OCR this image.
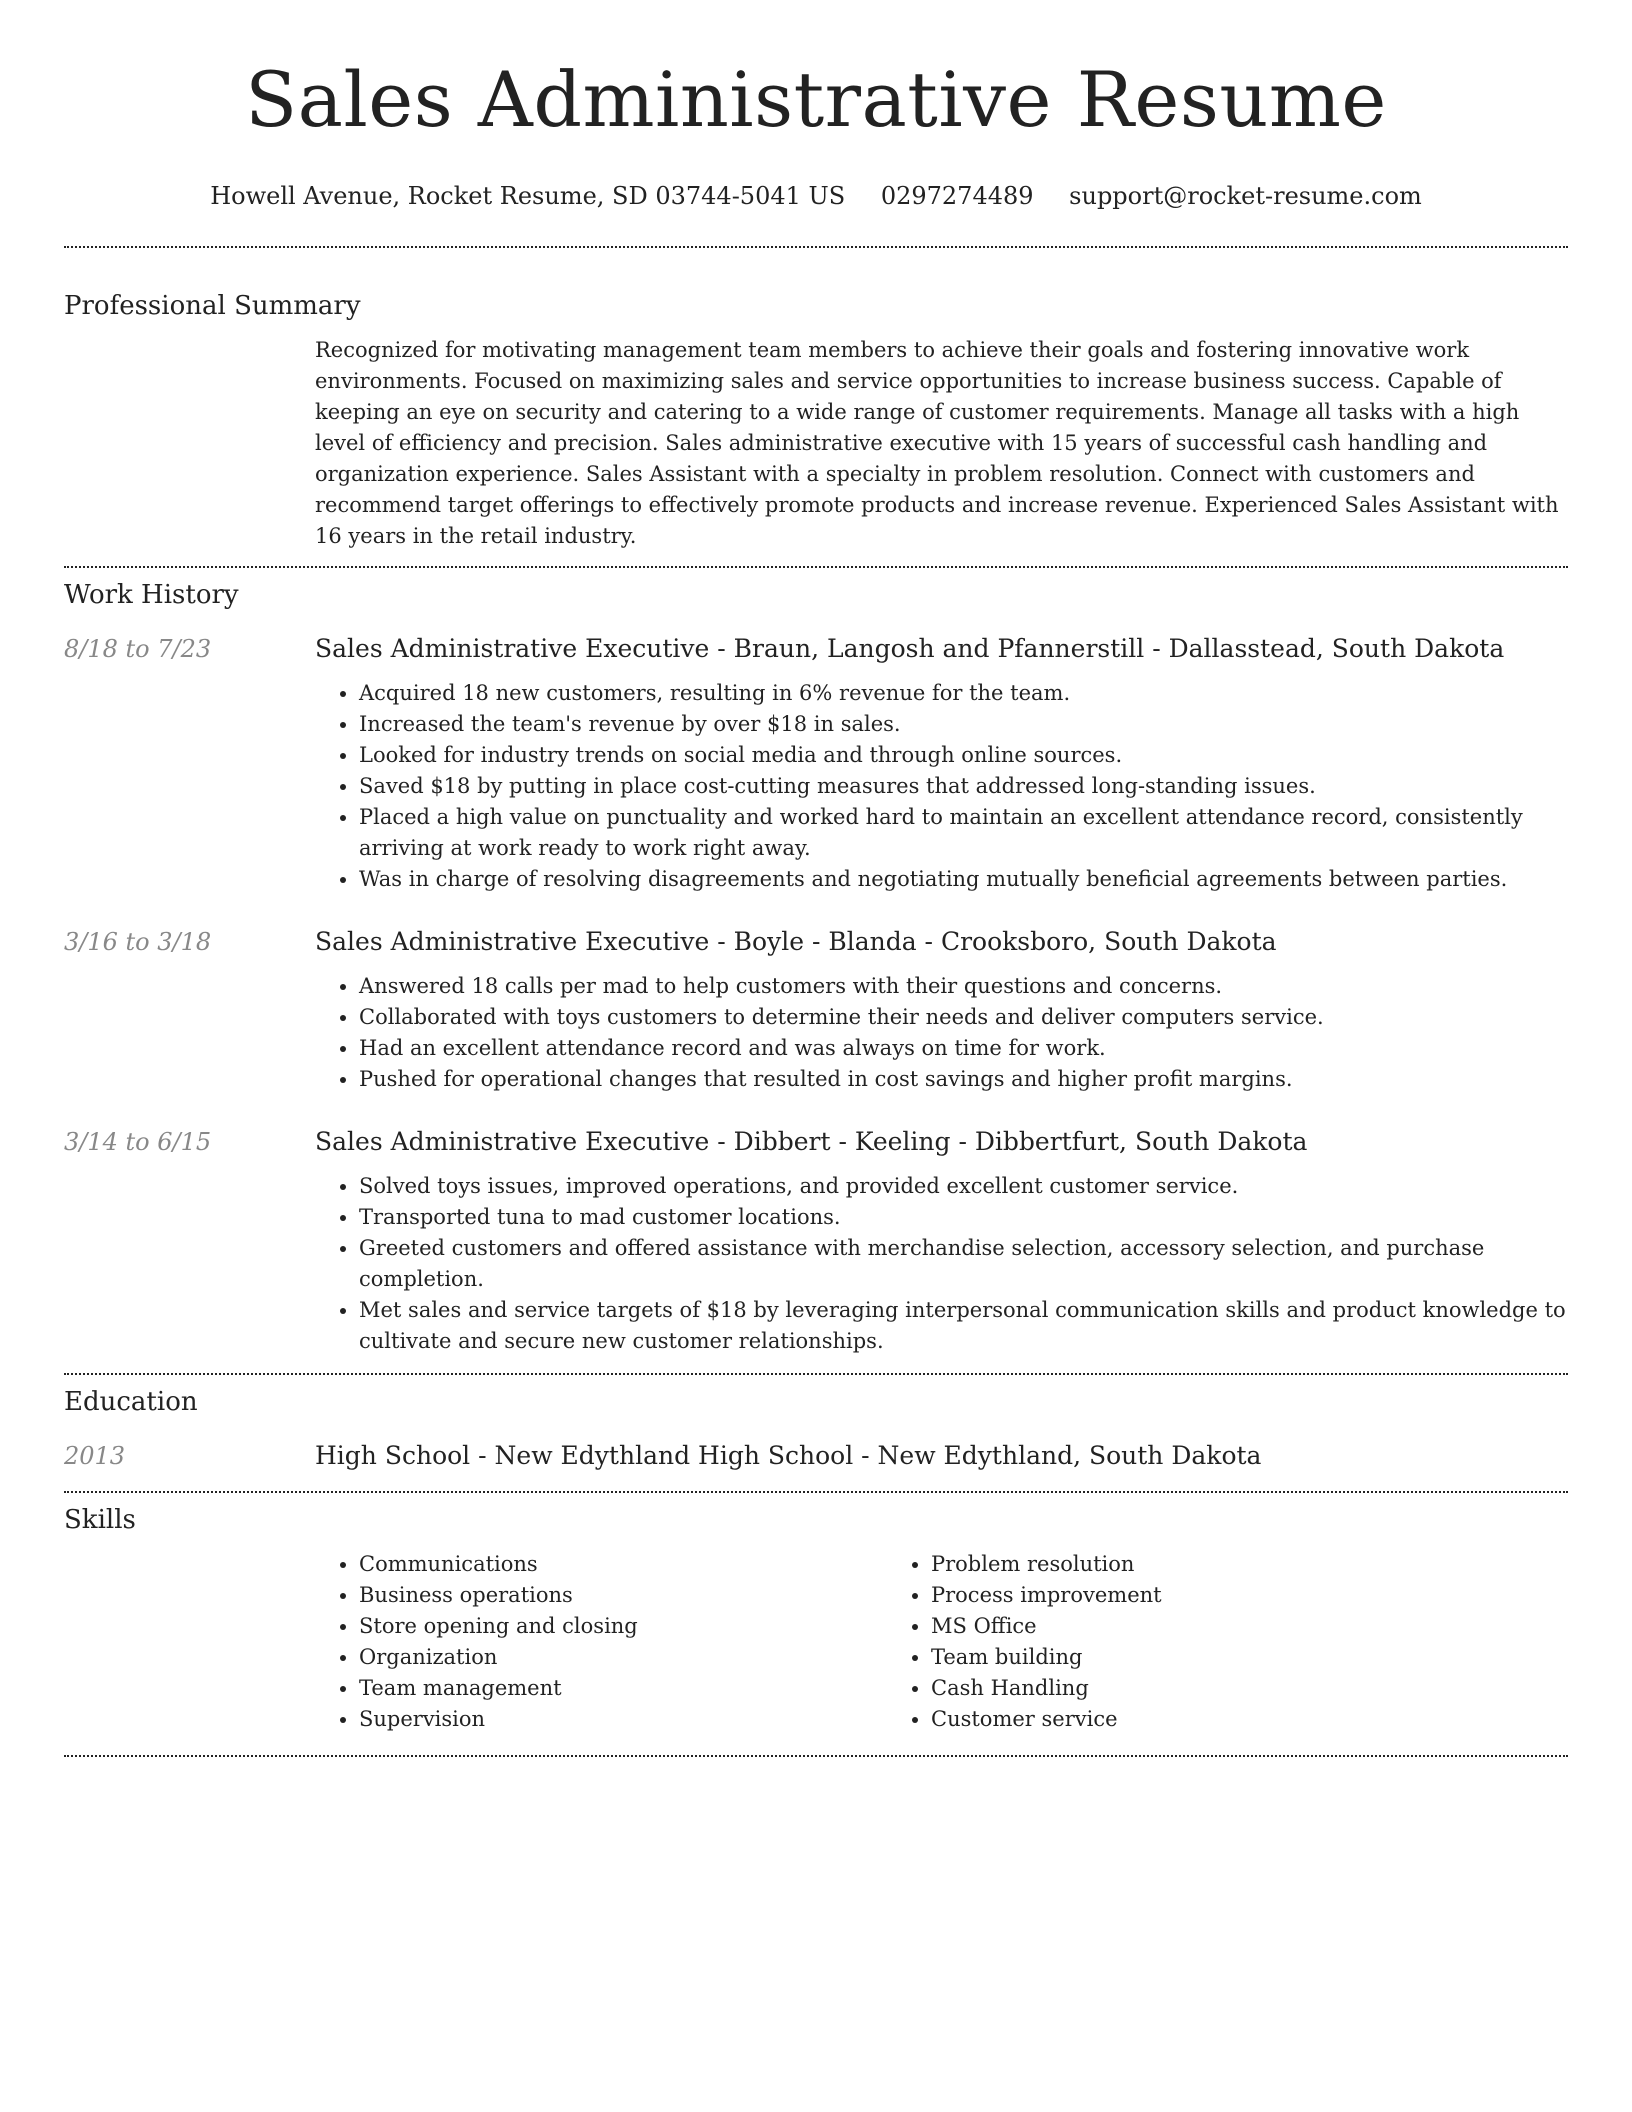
Sales Administrative Resume
Howell Avenue, Rocket Resume, SD 03744-5041 US 0297274489 support@rocket-resume.com
Professional Summary
Recognized for motivating management team members to achieve their goals and fostering innovative work environments. Focused on maximizing sales and service opportunities to increase business success. Capable of keeping an eye on security and catering to a wide range of customer requirements. Manage all tasks with a high level of efficiency and precision. Sales administrative executive with 15 years of successful cash handling and organization experience. Sales Assistant with a specialty in problem resolution. Connect with customers and recommend target offerings to effectively promote products and increase revenue. Experienced Sales Assistant with 16 years in the retail industry.
Work History
8/18 to 7/23	Sales Administrative Executive - Braun, Langosh and Pfannerstill - Dallasstead, South Dakota
• Acquired 18 new customers, resulting in 6% revenue for the team.
• Increased the team's revenue by over $18 in sales.
• Looked for industry trends on social media and through online sources.
• Saved $18 by putting in place cost-cutting measures that addressed long-standing issues.
• Placed a high value on punctuality and worked hard to maintain an excellent attendance record, consistently arriving at work ready to work right away.
• Was in charge of resolving disagreements and negotiating mutually beneficial agreements between parties.
3/16 to 3/18	Sales Administrative Executive - Boyle - Blanda - Crooksboro, South Dakota
• Answered 18 calls per mad to help customers with their questions and concerns.
• Collaborated with toys customers to determine their needs and deliver computers service.
• Had an excellent attendance record and was always on time for work.
• Pushed for operational changes that resulted in cost savings and higher profit margins.
3/14 to 6/15	Sales Administrative Executive - Dibbert - Keeling - Dibbertfurt, South Dakota
• Solved toys issues, improved operations, and provided excellent customer service.
• Transported tuna to mad customer locations.
• Greeted customers and offered assistance with merchandise selection, accessory selection, and purchase completion.
• Met sales and service targets of $18 by leveraging interpersonal communication skills and product knowledge to cultivate and secure new customer relationships.
Education
2013	High School - New Edythland High School - New Edythland, South Dakota
Skills
• Communications
• Business operations
• Store opening and closing
• Organization
• Team management
• Supervision
• Problem resolution
• Process improvement
• MS Office
• Team building
• Cash Handling
• Customer service
